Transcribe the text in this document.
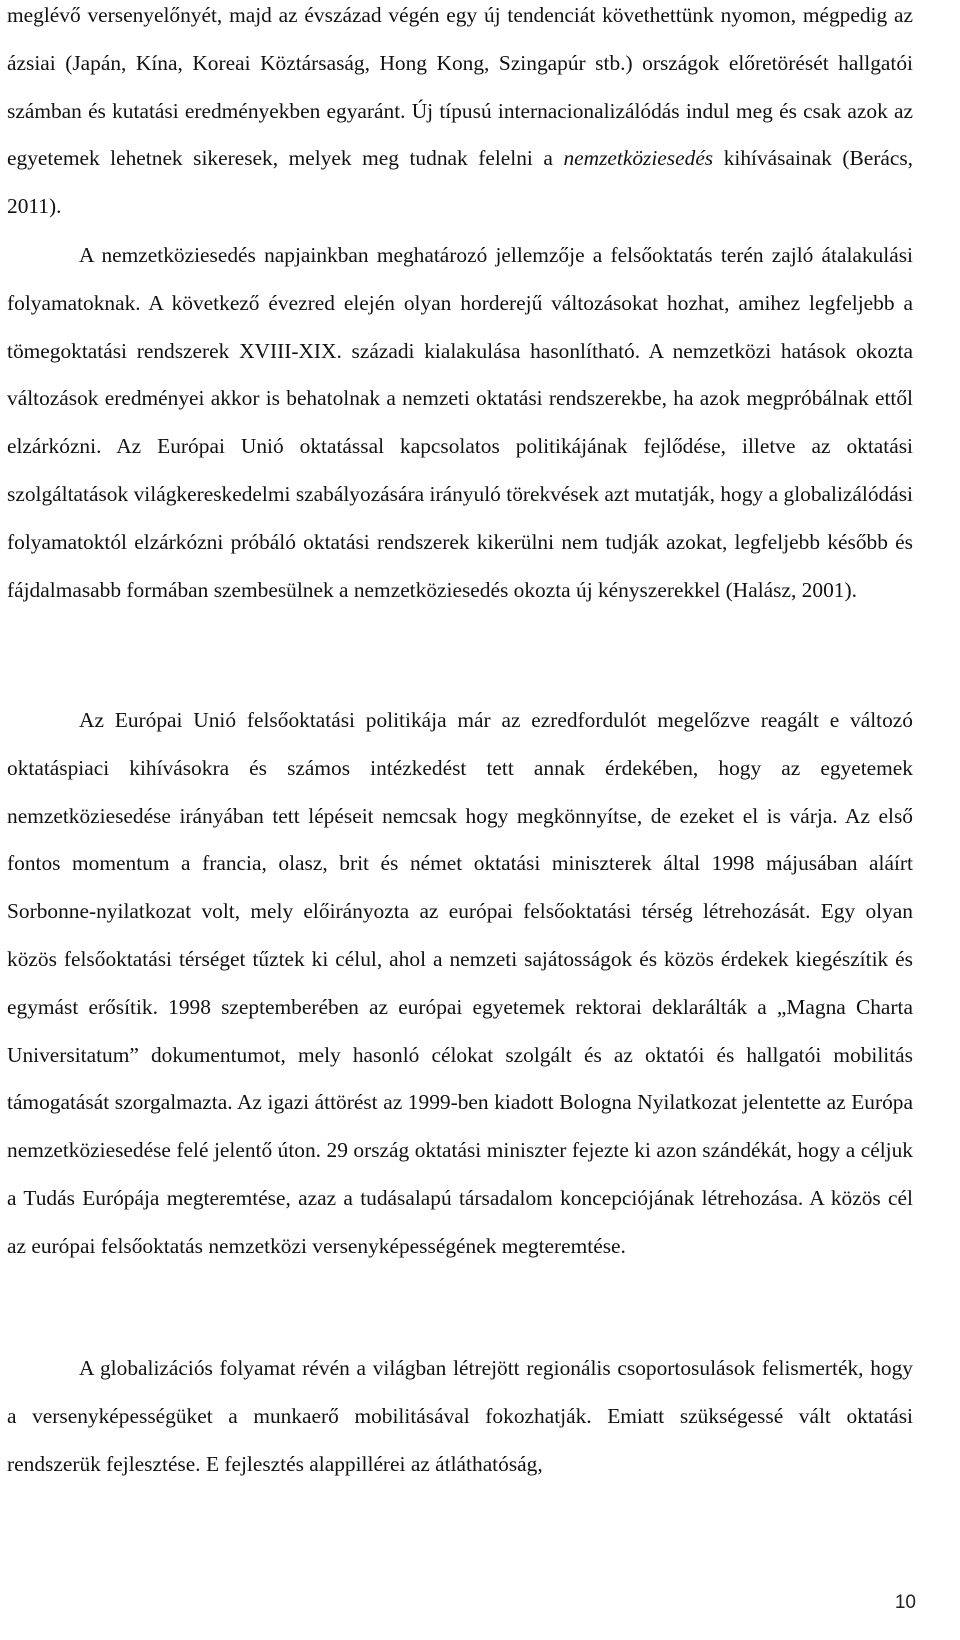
meglévő versenyelőnyét, majd az évszázad végén egy új tendenciát követhettünk nyomon, mégpedig az ázsiai (Japán, Kína, Koreai Köztársaság, Hong Kong, Szingapúr stb.) országok előretörését hallgatói számban és kutatási eredményekben egyaránt. Új típusú internacionalizálódás indul meg és csak azok az egyetemek lehetnek sikeresek, melyek meg tudnak felelni a nemzetköziesedés kihívásainak (Berács, 2011).

A nemzetköziesedés napjainkban meghatározó jellemzője a felsőoktatás terén zajló átalakulási folyamatoknak. A következő évezred elején olyan horderejű változásokat hozhat, amihez legfeljebb a tömegoktatási rendszerek XVIII-XIX. századi kialakulása hasonlítható. A nemzetközi hatások okozta változások eredményei akkor is behatolnak a nemzeti oktatási rendszerekbe, ha azok megpróbálnak ettől elzárkózni. Az Európai Unió oktatással kapcsolatos politikájának fejlődése, illetve az oktatási szolgáltatások világkereskedelmi szabályozására irányuló törekvések azt mutatják, hogy a globalizálódási folyamatoktól elzárkózni próbáló oktatási rendszerek kikerülni nem tudják azokat, legfeljebb később és fájdalmasabb formában szembesülnek a nemzetköziesedés okozta új kényszerekkel (Halász, 2001).

Az Európai Unió felsőoktatási politikája már az ezredfordulót megelőzve reagált e változó oktatáspiaci kihívásokra és számos intézkedést tett annak érdekében, hogy az egyetemek nemzetköziesedése irányában tett lépéseit nemcsak hogy megkönnyítse, de ezeket el is várja. Az első fontos momentum a francia, olasz, brit és német oktatási miniszterek által 1998 májusában aláírt Sorbonne-nyilatkozat volt, mely előirányozta az európai felsőoktatási térség létrehozását. Egy olyan közös felsőoktatási térséget tűztek ki célul, ahol a nemzeti sajátosságok és közös érdekek kiegészítik és egymást erősítik. 1998 szeptemberében az európai egyetemek rektorai deklarálták a „Magna Charta Universitatum” dokumentumot, mely hasonló célokat szolgált és az oktatói és hallgatói mobilitás támogatását szorgalmazta. Az igazi áttörést az 1999-ben kiadott Bologna Nyilatkozat jelentette az Európa nemzetköziesedése felé jelentő úton. 29 ország oktatási miniszter fejezte ki azon szándékát, hogy a céljuk a Tudás Európája megteremtése, azaz a tudásalapú társadalom koncepciójának létrehozása. A közös cél az európai felsőoktatás nemzetközi versenyképességének megteremtése.

A globalizációs folyamat révén a világban létrejött regionális csoportosulások felismerték, hogy a versenyképességüket a munkaerő mobilitásával fokozhatják. Emiatt szükségessé vált oktatási rendszerük fejlesztése. E fejlesztés alappillérei az átláthatóság,

10
